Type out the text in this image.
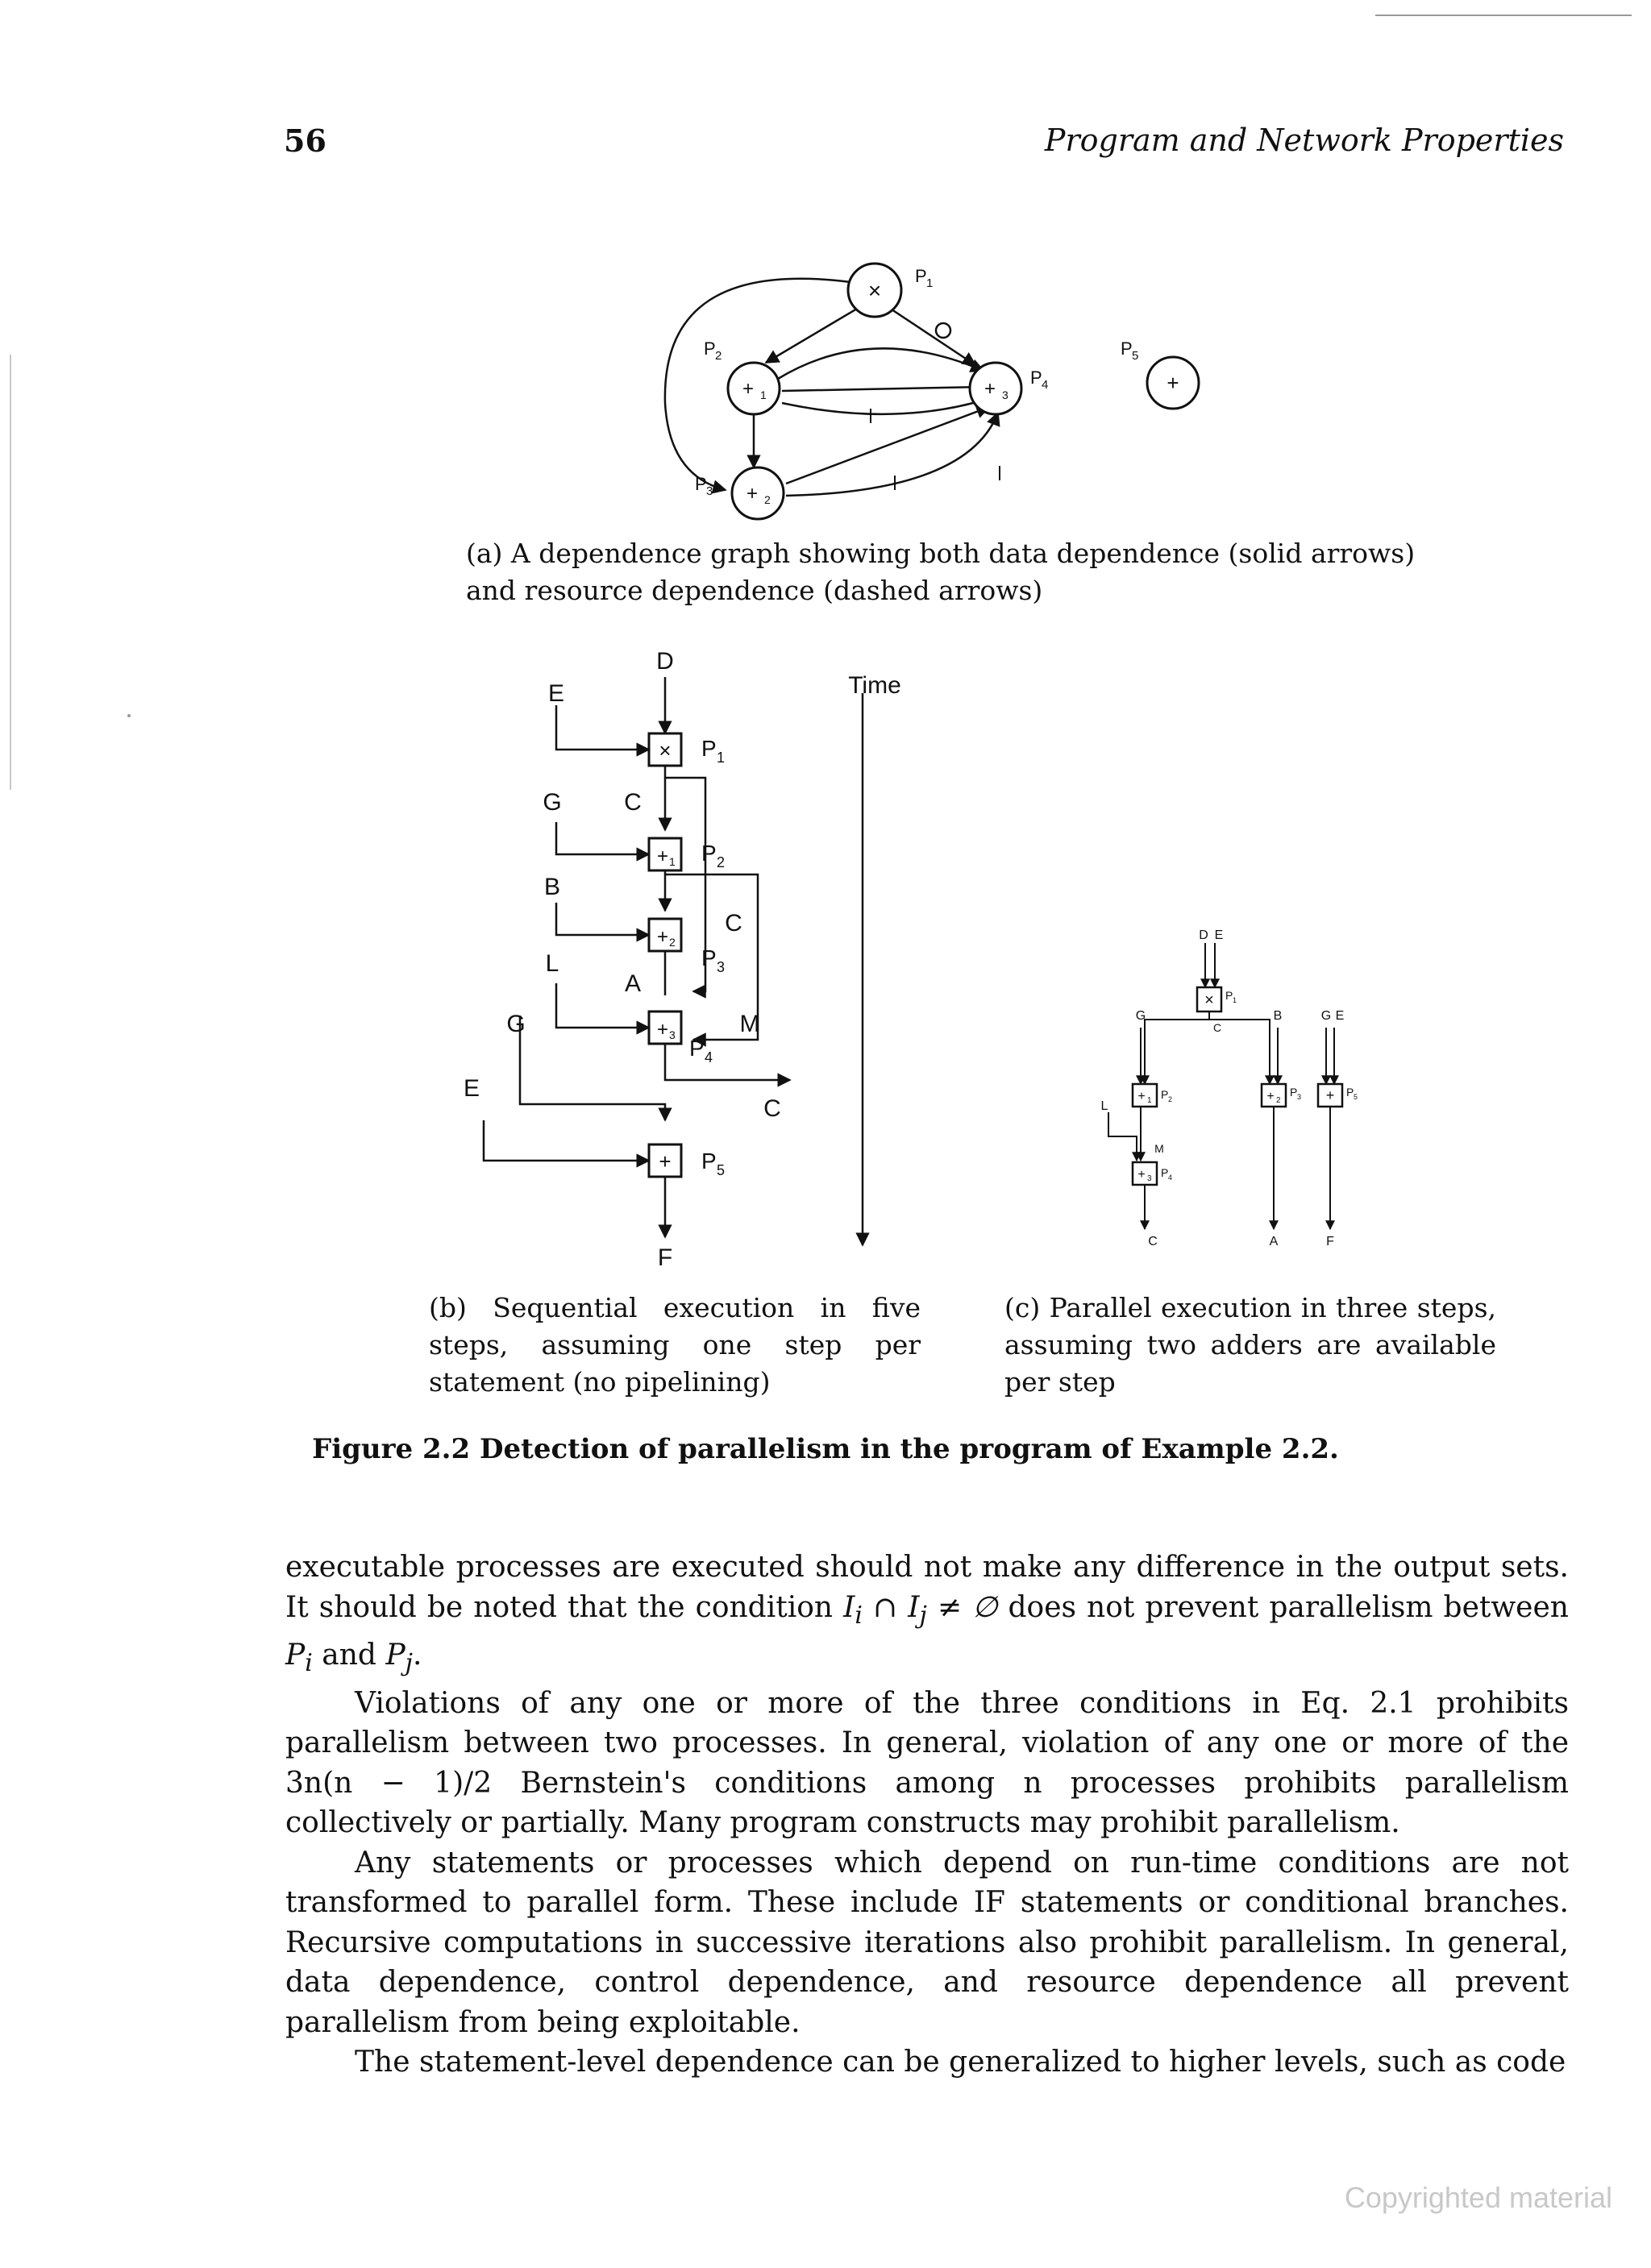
56	Program and Network Properties
×
P 1
+ 1
P 2
+ 2
P 3
+ 3
P 4	+
P 5
(a) A dependence graph showing both data dependence (solid arrows) and resource dependence (dashed arrows)
×
+ 1
+ 2
+ 3
+
P 1
P 2
P 3
P 4
P 5
D
E
G	C
B
L
A
G	M
E
C
C
F
Time
×
+ 1	+ 2	+
+ 3
P 1
P 2
P 3
P 4
P 5
D E
G	B	G E
C
L
M
C	A	F
(b) Sequential execution in five steps, assuming one step per statement (no pipelining)
(c) Parallel execution in three steps, assuming two adders are available per step
Figure 2.2 Detection of parallelism in the program of Example 2.2.

executable processes are executed should not make any difference in the output sets. It should be noted that the condition $I_i$ ∩ $I_j$ ≠ ∅ does not prevent parallelism between $P_i$ and $P_j$.

Violations of any one or more of the three conditions in Eq. 2.1 prohibits parallelism between two processes. In general, violation of any one or more of the 3n(n − 1)/2 Bernstein's conditions among n processes prohibits parallelism collectively or partially. Many program constructs may prohibit parallelism.

Any statements or processes which depend on run-time conditions are not transformed to parallel form. These include IF statements or conditional branches. Recursive computations in successive iterations also prohibit parallelism. In general, data dependence, control dependence, and resource dependence all prevent parallelism from being exploitable.

The statement-level dependence can be generalized to higher levels, such as code

Copyrighted material
